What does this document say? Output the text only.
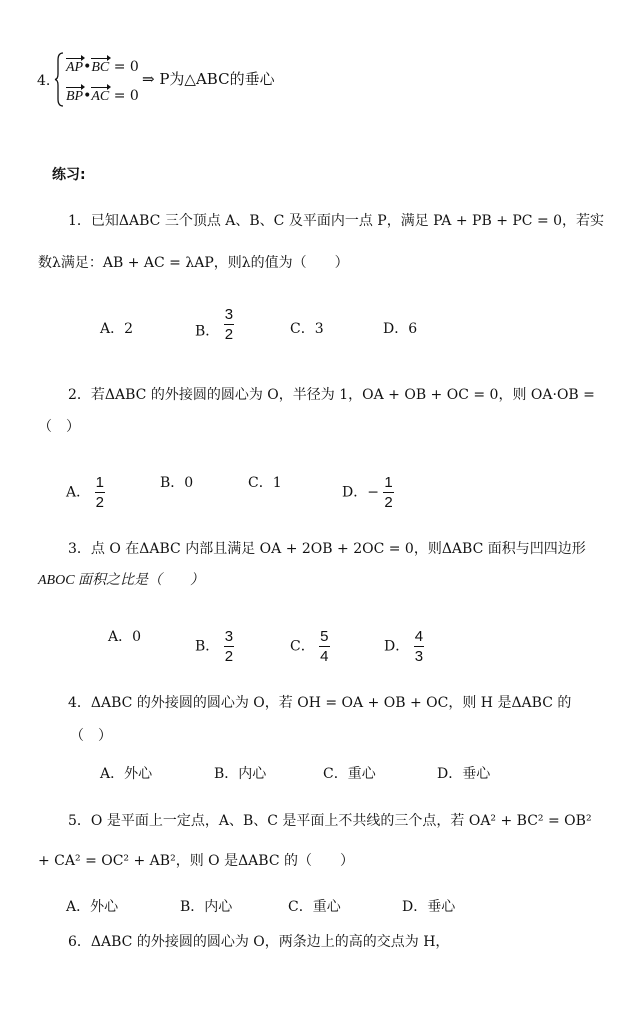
4.
AP•BC = 0
BP•AC = 0
⇒ P为△ABC的垂心
练习:
1．已知ΔABC 三个顶点 A、B、C 及平面内一点 P，满足 PA + PB + PC = 0，若实
数λ满足：AB + AC = λAP，则λ的值为（　　）
A．2	B． $\frac{3}{2}$	C．3	D．6
2．若ΔABC 的外接圆的圆心为 O，半径为 1，OA + OB + OC = 0，则 OA·OB =
（　）
A． $\frac{1}{2}$	B．0	C．1
D．− $\frac{1}{2}$
3．点 O 在ΔABC 内部且满足 OA + 2OB + 2OC = 0，则ΔABC 面积与凹四边形
ABOC 面积之比是（　　）
A．0
B． $\frac{3}{2}$	C． $\frac{5}{4}$	D． $\frac{4}{3}$
4．ΔABC 的外接圆的圆心为 O，若 OH = OA + OB + OC，则 H 是ΔABC 的
（　）
A．外心	B．内心	C．重心	D．垂心
5．O 是平面上一定点，A、B、C 是平面上不共线的三个点，若 OA² + BC² = OB²
+ CA² = OC² + AB²，则 O 是ΔABC 的（　　）
A．外心	B．内心	C．重心	D．垂心
6．ΔABC 的外接圆的圆心为 O，两条边上的高的交点为 H，
